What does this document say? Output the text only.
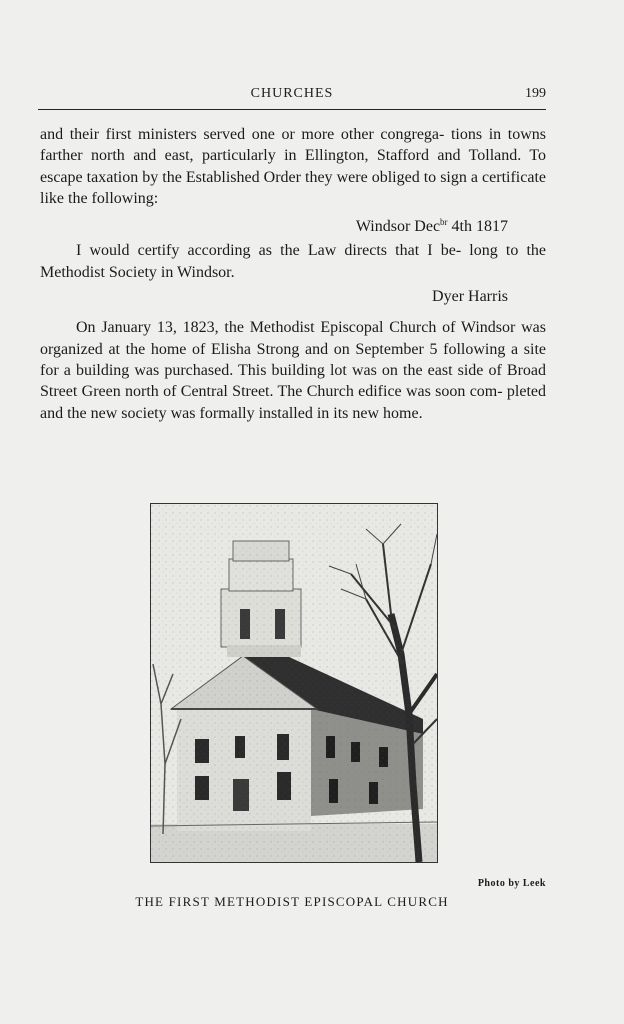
CHURCHES	199

and their first ministers served one or more other congrega- tions in towns farther north and east, particularly in Ellington, Stafford and Tolland. To escape taxation by the Established Order they were obliged to sign a certificate like the following:

Windsor Dec$^{br}$ 4th 1817

I would certify according as the Law directs that I be- long to the Methodist Society in Windsor.

Dyer Harris

On January 13, 1823, the Methodist Episcopal Church of Windsor was organized at the home of Elisha Strong and on September 5 following a site for a building was purchased. This building lot was on the east side of Broad Street Green north of Central Street. The Church edifice was soon com- pleted and the new society was formally installed in its new home.

Photo by Leek
THE FIRST METHODIST EPISCOPAL CHURCH
